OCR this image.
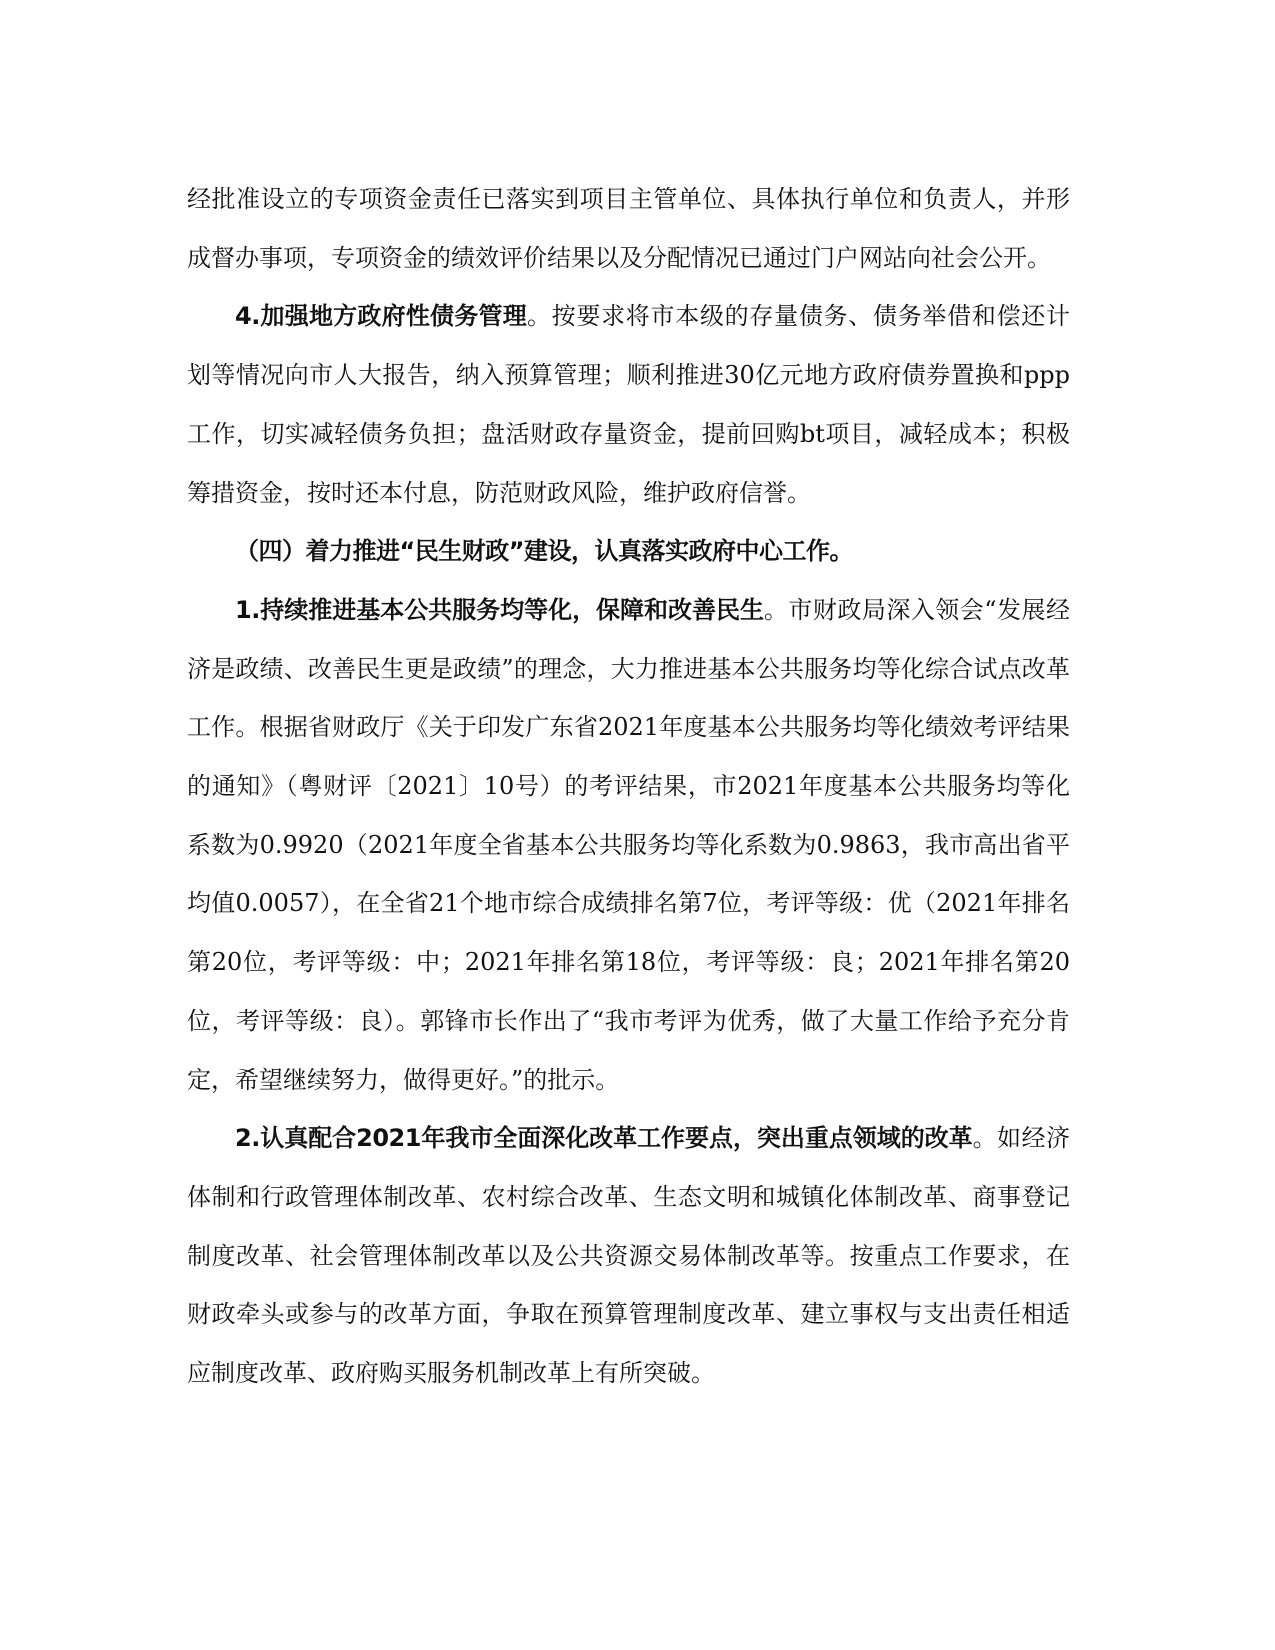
经批准设立的专项资金责任已落实到项目主管单位、具体执行单位和负责人，并形成督办事项，专项资金的绩效评价结果以及分配情况已通过门户网站向社会公开。

4.加强地方政府性债务管理。按要求将市本级的存量债务、债务举借和偿还计划等情况向市人大报告，纳入预算管理；顺利推进30亿元地方政府债券置换和ppp工作，切实减轻债务负担；盘活财政存量资金，提前回购bt项目，减轻成本；积极筹措资金，按时还本付息，防范财政风险，维护政府信誉。

（四）着力推进“民生财政”建设，认真落实政府中心工作。

1.持续推进基本公共服务均等化，保障和改善民生。市财政局深入领会“发展经济是政绩、改善民生更是政绩”的理念，大力推进基本公共服务均等化综合试点改革工作。根据省财政厅《关于印发广东省2021年度基本公共服务均等化绩效考评结果的通知》（粤财评〔2021〕10号）的考评结果，市2021年度基本公共服务均等化系数为0.9920（2021年度全省基本公共服务均等化系数为0.9863，我市高出省平均值0.0057），在全省21个地市综合成绩排名第7位，考评等级：优（2021年排名第20位，考评等级：中；2021年排名第18位，考评等级：良；2021年排名第20位，考评等级：良）。郭锋市长作出了“我市考评为优秀，做了大量工作给予充分肯定，希望继续努力，做得更好。”的批示。

2.认真配合2021年我市全面深化改革工作要点，突出重点领域的改革。如经济体制和行政管理体制改革、农村综合改革、生态文明和城镇化体制改革、商事登记制度改革、社会管理体制改革以及公共资源交易体制改革等。按重点工作要求，在财政牵头或参与的改革方面，争取在预算管理制度改革、建立事权与支出责任相适应制度改革、政府购买服务机制改革上有所突破。
